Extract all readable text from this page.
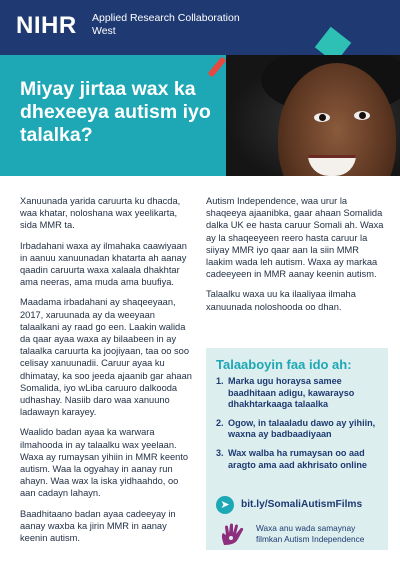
NIHR Applied Research Collaboration
West
Miyay jirtaa wax ka dhexeeya autism iyo talalka?

Xanuunada yarida caruurta ku dhacda, waa khatar, noloshana wax yeelikarta, sida MMR ta.

Irbadahani waxa ay ilmahaka caawiyaan in aanuu xanuunadan khatarta ah aanay qaadin caruurta waxa xalaala dhakhtar ama neeras, ama muda ama buufiya.

Maadama irbadahani ay shaqeeyaan, 2017, xaruunada ay da weeyaan talaalkani ay raad go een. Laakin walida da qaar ayaa waxa ay bilaabeen in ay talaalka caruurta ka joojiyaan, taa oo soo celisay xanuunadii. Caruur ayaa ku dhimatay, ka soo jeeda ajaanib gar ahaan Somalida, iyo wLiba caruuro dalkooda udhashay. Nasiib daro waa xanuuno ladawayn karayey.

Waalido badan ayaa ka warwara ilmahooda in ay talaalku wax yeelaan. Waxa ay rumaysan yihiin in MMR keento autism. Waa la ogyahay in aanay run ahayn. Waa wax la iska yidhaahdo, oo aan cadayn lahayn.

Baadhitaano badan ayaa cadeeyay in aanay waxba ka jirin MMR in aanay keenin autism.

Autism Independence, waa urur la shaqeeya ajaanibka, gaar ahaan Somalida dalka UK ee hasta caruur Somali ah. Waxa ay la shaqeeyeen reero hasta caruur la siiyay MMR iyo qaar aan la siin MMR laakim wada leh autism. Waxa ay markaa cadeeyeen in MMR aanay keenin autism.

Talaalku waxa uu ka ilaaliyaa ilmaha xanuunada noloshooda oo dhan.

Talaaboyin faa ido ah:
1. Marka ugu horaysa samee baadhitaan adigu, kawarayso dhakhtarkaaga talaalka
2. Ogow, in talaaladu dawo ay yihiin, waxna ay badbaadiyaan
3. Wax walba ha rumaysan oo aad aragto ama aad akhrisato online
➤	bit.ly/SomaliAutismFilms
Waxa anu wada samaynay filmkan Autism Independence
